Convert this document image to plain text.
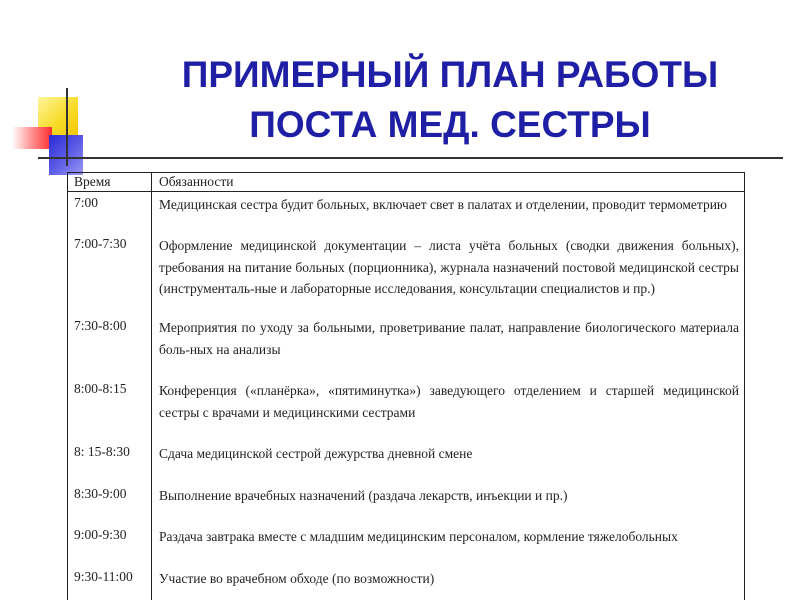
ПРИМЕРНЫЙ ПЛАН РАБОТЫ
ПОСТА МЕД. СЕСТРЫ
Время	Обязанности
7:00	Медицинская сестра будит больных, включает свет в палатах и отделении, проводит термометрию
7:00-7:30	Оформление медицинской документации – листа учёта больных (сводки движения больных), требования на питание больных (порционника), журнала назначений постовой медицинской сестры (инструменталь-ные и лабораторные исследования, консультации специалистов и пр.)
7:30-8:00	Мероприятия по уходу за больными, проветривание палат, направление биологического материала боль-ных на анализы
8:00-8:15	Конференция («планёрка», «пятиминутка») заведующего отделением и старшей медицинской сестры с врачами и медицинскими сестрами
8: 15-8:30	Сдача медицинской сестрой дежурства дневной смене
8:30-9:00	Выполнение врачебных назначений (раздача лекарств, инъекции и пр.)
9:00-9:30	Раздача завтрака вместе с младшим медицинским персоналом, кормление тяжелобольных
9:30-11:00	Участие во врачебном обходе (по возможности)
